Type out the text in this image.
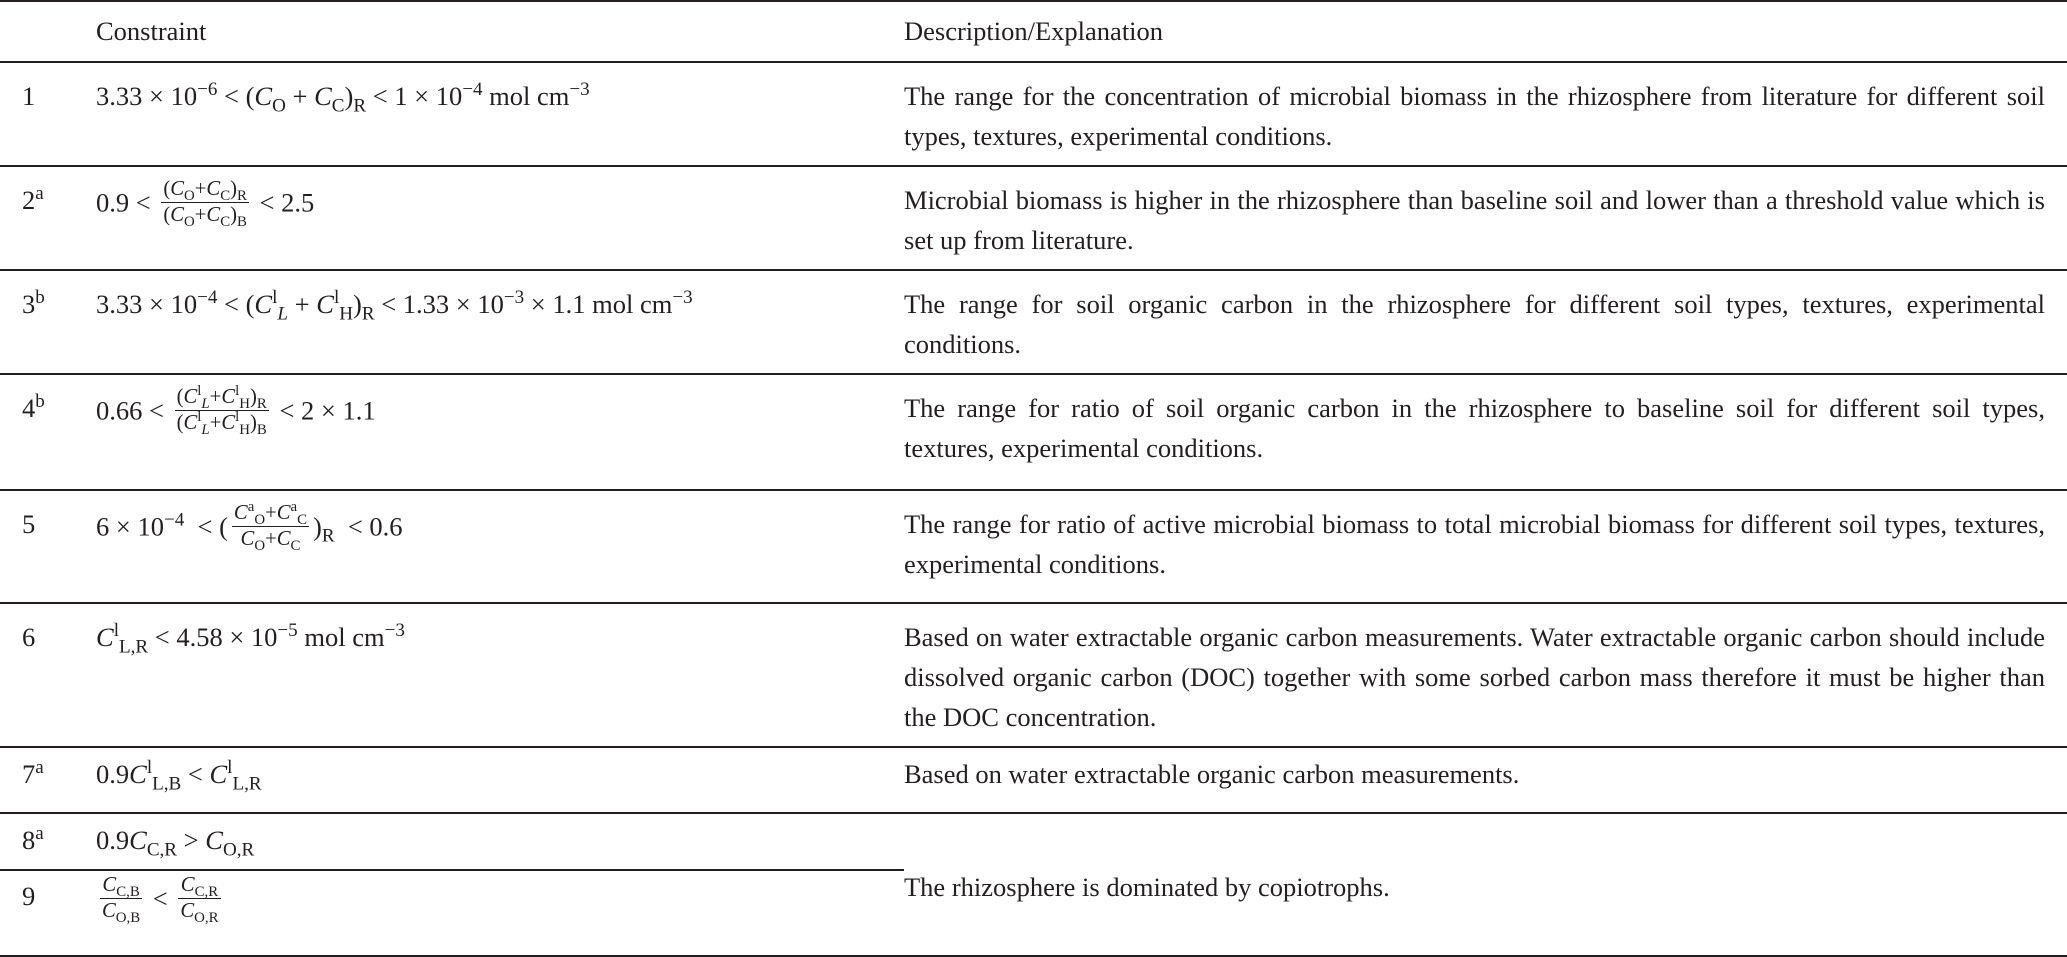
	Constraint	Description/Explanation
1	$3.33 \times 10^{-6} < (C_O + C_C)_R < 1 \times 10^{-4}$ mol $cm^{-3}$	The range for the concentration of microbial biomass in the rhizosphere from literature for different soil types, textures, experimental conditions.
2$^a$	$0.9 < \frac{(C_O+C_C)_R}{(C_O+C_C)_B} < 2.5$	Microbial biomass is higher in the rhizosphere than baseline soil and lower than a threshold value which is set up from literature.
3$^b$	$3.33 \times 10^{-4} < (C^l_L + C^l_H)_R < 1.33 \times 10^{-3} \times 1.1$ mol $cm^{-3}$	The range for soil organic carbon in the rhizosphere for different soil types, textures, experimental conditions.
4$^b$	$0.66 < \frac{(C^l_L+C^l_H)_R}{(C^l_L+C^l_H)_B} < 2 \times 1.1$	The range for ratio of soil organic carbon in the rhizosphere to baseline soil for different soil types, textures, experimental conditions.
5	$6 \times 10^{-4}$  < ( $\frac{C^a_O+C^a_C}{C_O+C_C} )_R < 0.6$	The range for ratio of active microbial biomass to total microbial biomass for different soil types, textures, experimental conditions.
6	$C^l_{L,R} < 4.58 \times 10^{-5}$ mol $cm^{-3}$	Based on water extractable organic carbon measurements. Water extractable organic carbon should include dissolved organic carbon (DOC) together with some sorbed carbon mass therefore it must be higher than the DOC concentration.
7$^a$	$0.9C^l_{L,B} < C^l_{L,R}$	Based on water extractable organic carbon measurements.
8$^a$	$0.9C_{C,R} > C_{O,R}$	The rhizosphere is dominated by copiotrophs.
9	$\frac{C_{C,B}}{C_{O,B}} < \frac{C_{C,R}}{C_{O,R}}$
